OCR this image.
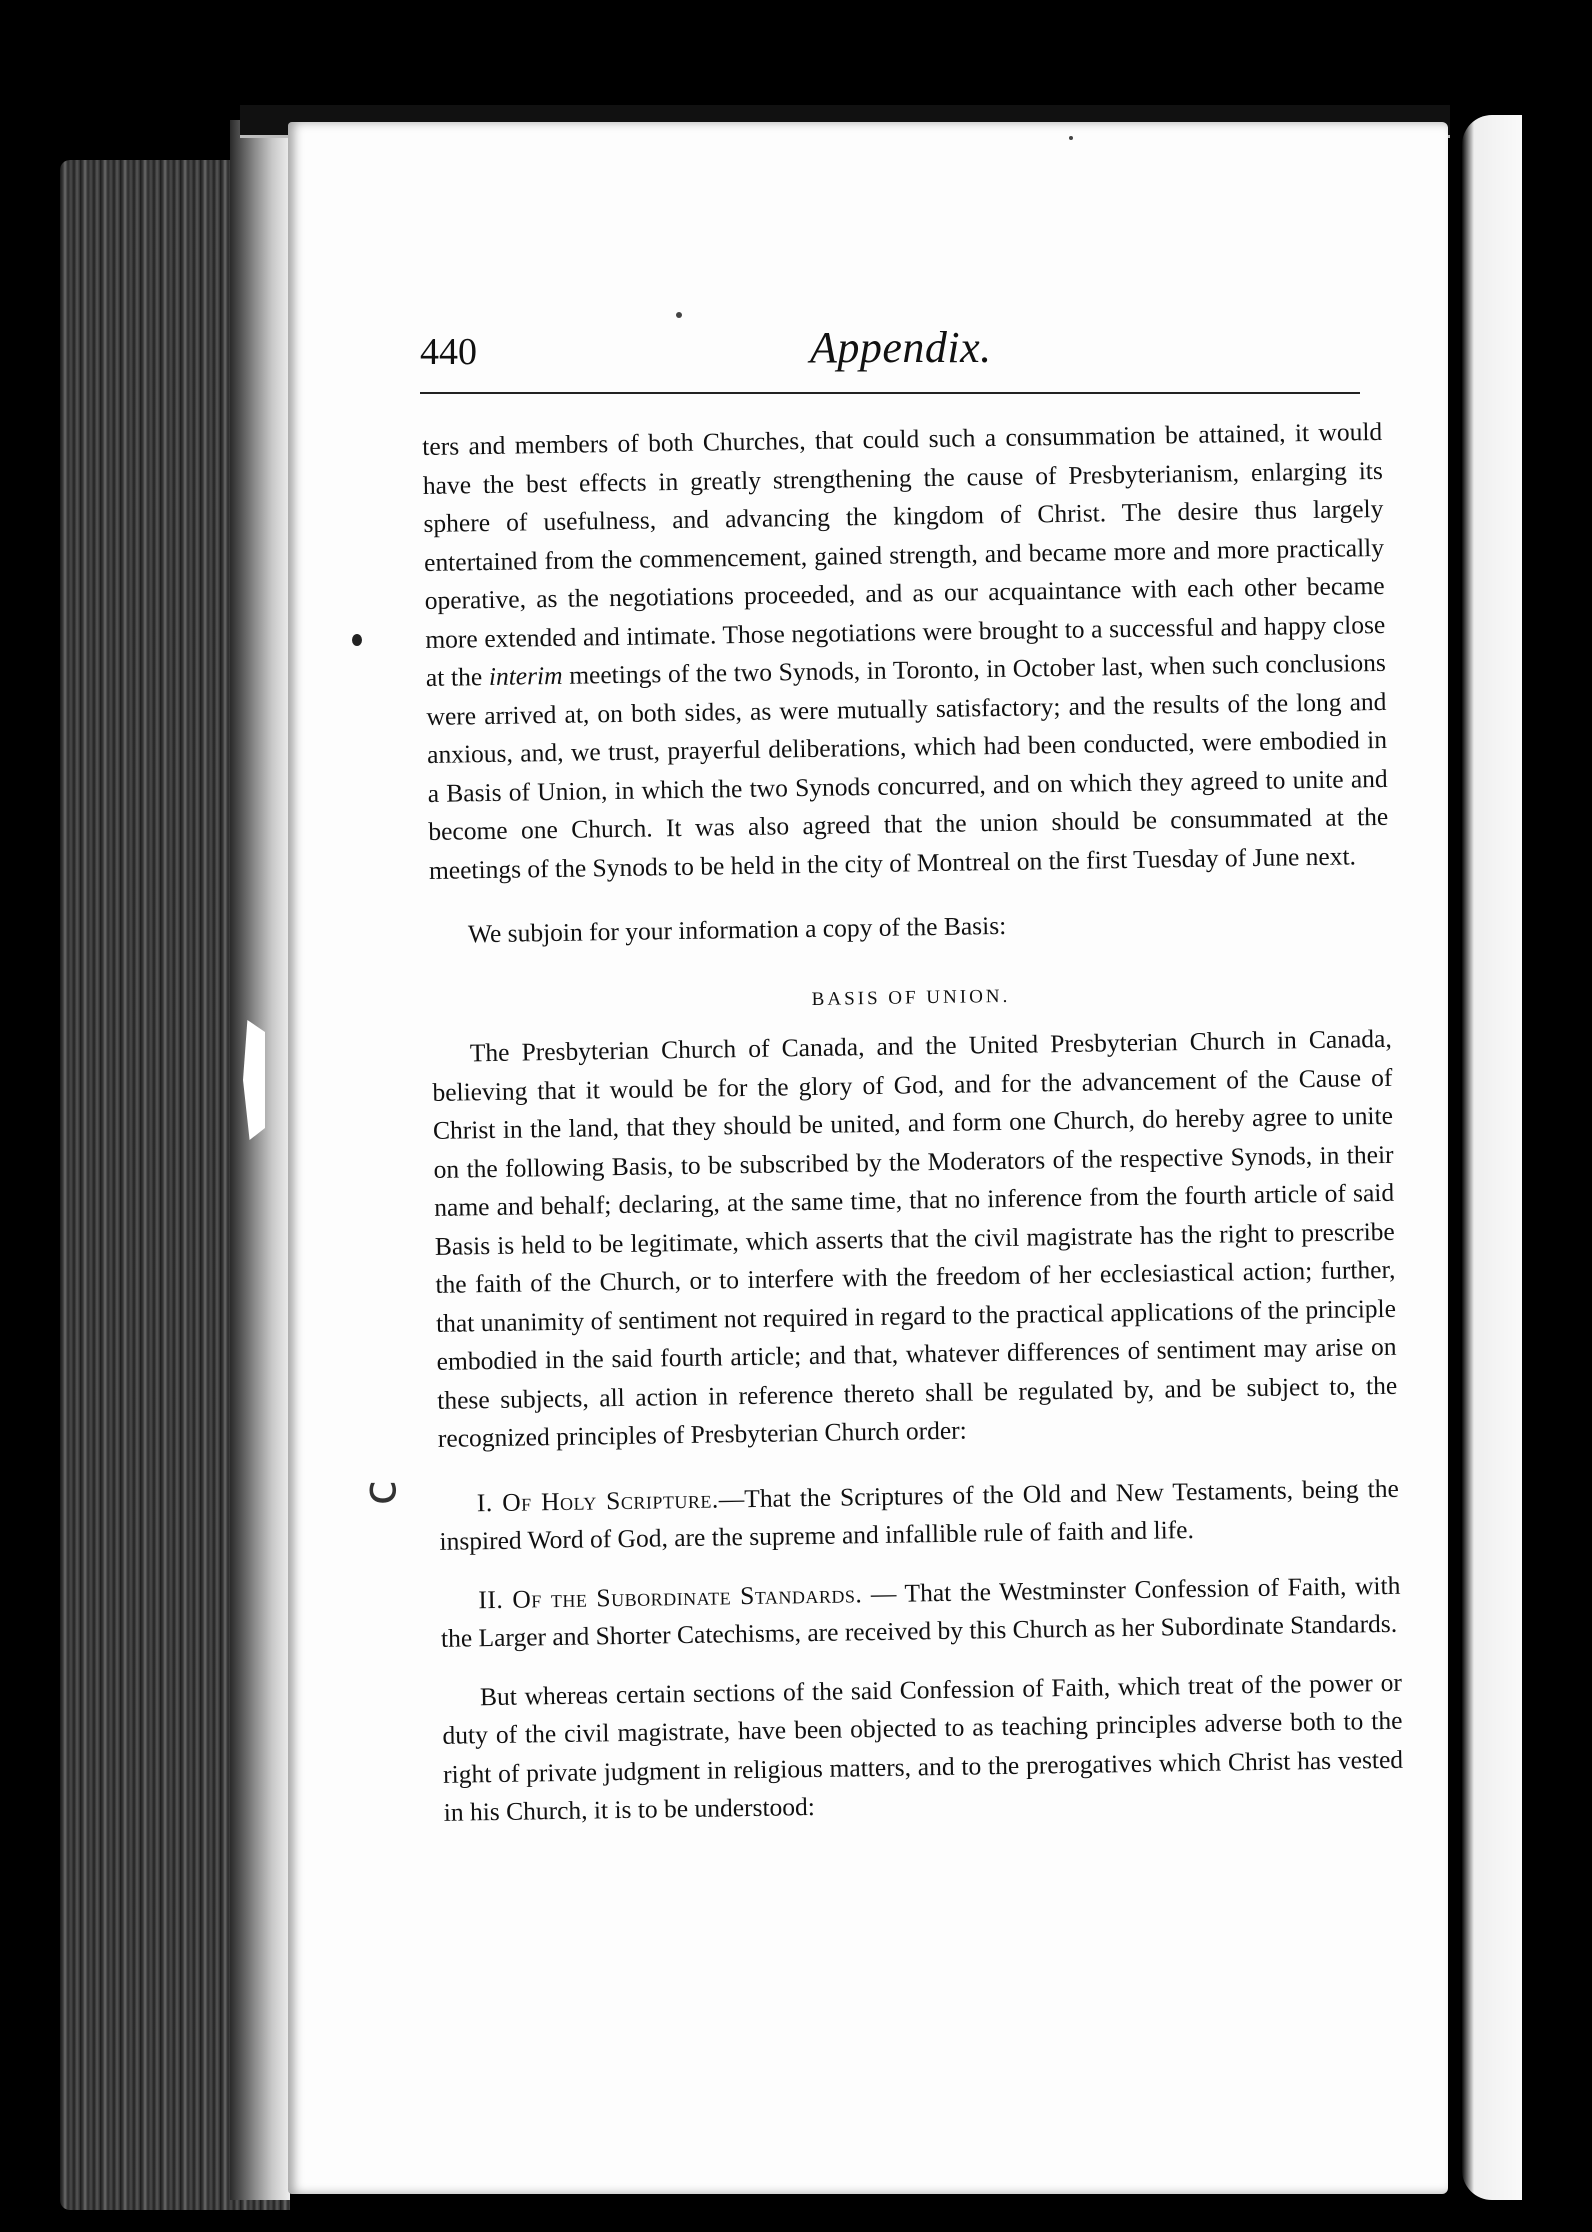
ↄ
440	Appendix.

ters and members of both Churches, that could such a consummation be attained, it would have the best effects in greatly strengthening the cause of Presbyterianism, enlarging its sphere of usefulness, and advancing the kingdom of Christ. The desire thus largely entertained from the commencement, gained strength, and became more and more practically operative, as the negotiations proceeded, and as our acquaintance with each other became more extended and intimate. Those negotiations were brought to a successful and happy close at the interim meetings of the two Synods, in Toronto, in October last, when such conclusions were arrived at, on both sides, as were mutually satisfactory; and the results of the long and anxious, and, we trust, prayerful deliberations, which had been conducted, were embodied in a Basis of Union, in which the two Synods concurred, and on which they agreed to unite and become one Church. It was also agreed that the union should be consummated at the meetings of the Synods to be held in the city of Montreal on the first Tuesday of June next.

We subjoin for your information a copy of the Basis:

BASIS OF UNION.

The Presbyterian Church of Canada, and the United Presbyterian Church in Canada, believing that it would be for the glory of God, and for the advancement of the Cause of Christ in the land, that they should be united, and form one Church, do hereby agree to unite on the following Basis, to be subscribed by the Moderators of the respective Synods, in their name and behalf; declaring, at the same time, that no inference from the fourth article of said Basis is held to be legitimate, which asserts that the civil magistrate has the right to prescribe the faith of the Church, or to interfere with the freedom of her ecclesiastical action; further, that unanimity of sentiment not required in regard to the practical applications of the principle embodied in the said fourth article; and that, whatever differences of sentiment may arise on these subjects, all action in reference thereto shall be regulated by, and be subject to, the recognized principles of Presbyterian Church order:

I. Of Holy Scripture.—That the Scriptures of the Old and New Testaments, being the inspired Word of God, are the supreme and infallible rule of faith and life.

II. Of the Subordinate Standards. — That the Westminster Confession of Faith, with the Larger and Shorter Catechisms, are received by this Church as her Subordinate Standards.

But whereas certain sections of the said Confession of Faith, which treat of the power or duty of the civil magistrate, have been objected to as teaching principles adverse both to the right of private judgment in religious matters, and to the prerogatives which Christ has vested in his Church, it is to be understood:
